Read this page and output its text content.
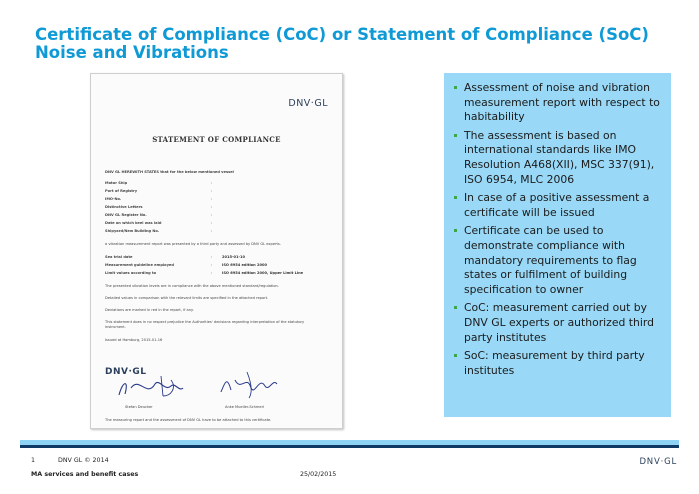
Certificate of Compliance (CoC) or Statement of Compliance (SoC)
Noise and Vibrations
DNV·GL
STATEMENT OF COMPLIANCE
DNV GL HEREWITH STATES that for the below mentioned vessel
Motor Ship	:
Port of Registry	:
IMO-No.	:
Distinctive Letters	:
DNV GL Register No.	:
Date on which keel was laid	:
Shipyard/New Building No.	:
a vibration measurement report was presented by a third party and assessed by DNV GL experts.
Sea trial date	:	2015-01-10
Measurement guideline employed	:	ISO 6954 edition 2000
Limit values according to	:	ISO 6954 edition 2000, Upper Limit Line
The presented vibration levels are in compliance with the above mentioned standard/regulation.
Detailed values in comparison with the relevant limits are specified in the attached report.
Deviations are marked in red in the report, if any.
This statement does in no respect prejudice the Authorities' decisions regarding interpretation of the statutory
instrument.
Issued at Hamburg, 2015-01-16
DNV·GL
Stefan Deucker	Anke Mueller-Schmerl
The measuring report and the assessment of DNV GL have to be attached to this certificate.
Assessment of noise and vibration measurement report with respect to habitability
The assessment is based on international standards like IMO Resolution A468(XII), MSC 337(91), ISO 6954, MLC 2006
In case of a positive assessment a certificate will be issued
Certificate can be used to demonstrate compliance with mandatory requirements to flag states or fulfilment of building specification to owner
CoC: measurement carried out by DNV GL experts or authorized third party institutes
SoC: measurement by third party institutes
1	DNV GL © 2014
MA services and benefit cases	25/02/2015
DNV·GL
